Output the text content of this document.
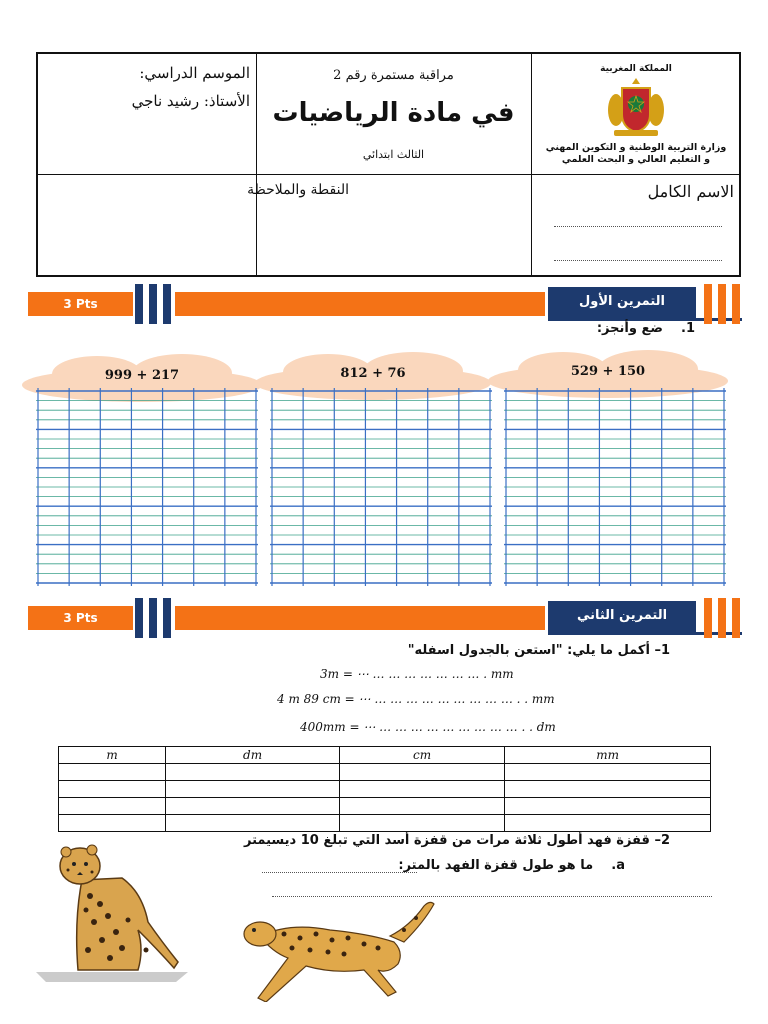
المملكة المغربية
وزارة التربية الوطنية و التكوين المهني
و التعليم العالي و البحث العلمي
مراقبة مستمرة رقم 2
في مادة الرياضيات
الثالث ابتدائي
الموسم الدراسي:
الأستاذ: رشيد ناجي
الاسم الكامل
النقطة والملاحظة
3 Pts	التمرين الأول
1.    ضع وأنجز:
529 + 150
812 + 76
999 + 217
3 Pts	التمرين الثاني
1– أكمل ما يلي: "استعن بالجدول اسفله"
3m = ⋯ … … … … … … … . mm
4 m 89 cm = ⋯ … … … … … … … … … . . mm
400mm = ⋯ … … … … … … … … … . . dm
m	dm	cm	mm

2– قفزة فهد أطول ثلاثة مرات من قفزة أسد التي تبلغ 10 ديسيمتر
a.    ما هو طول قفزة الفهد بالمتر:
